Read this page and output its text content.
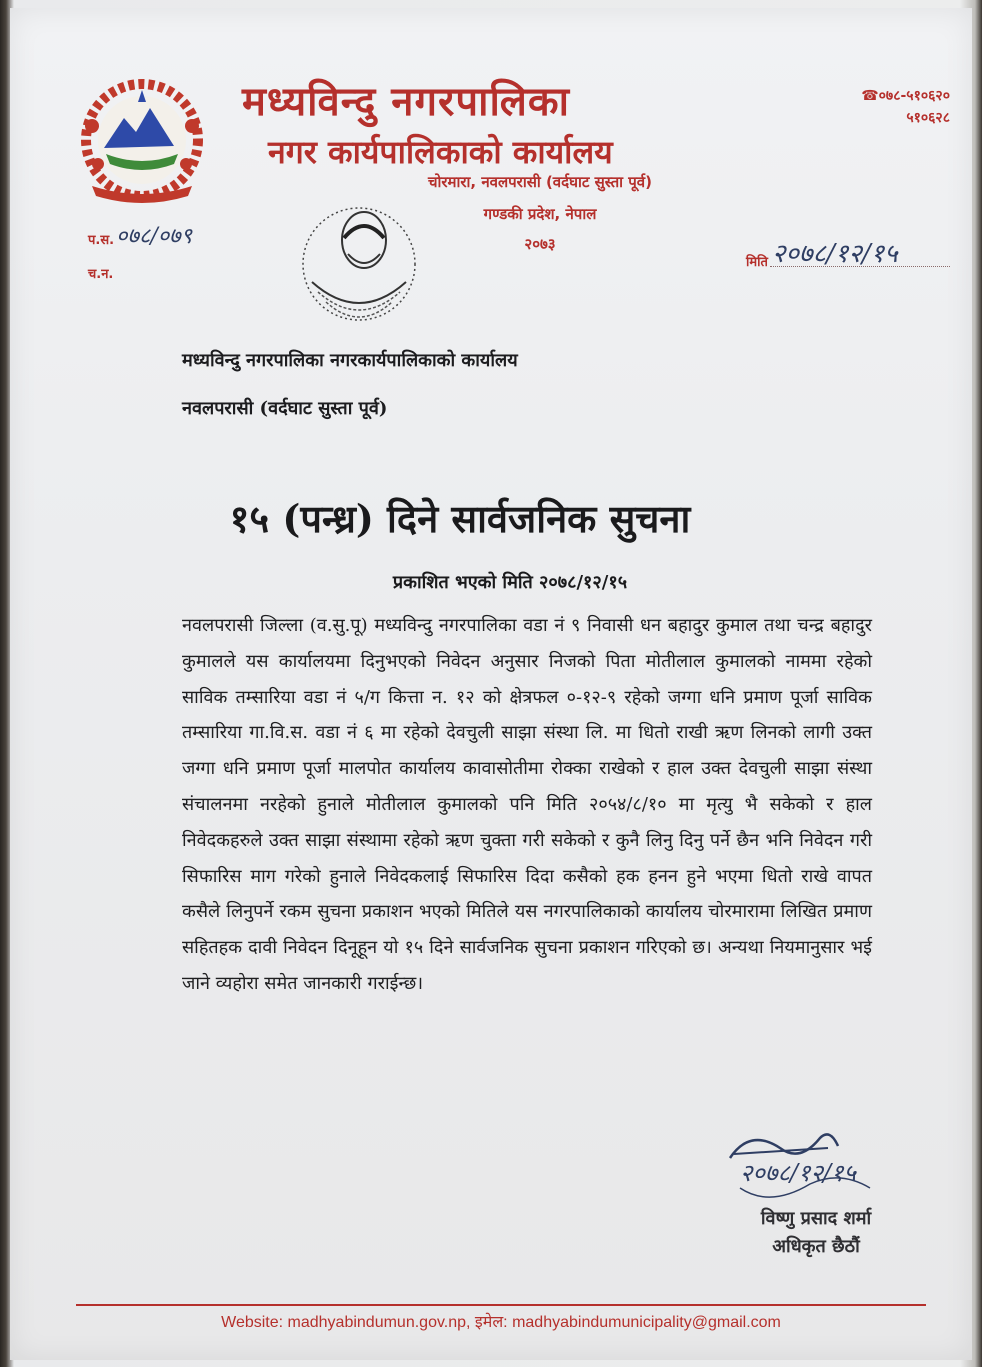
मध्यविन्दु नगरपालिका
नगर कार्यपालिकाको कार्यालय
चोरमारा, नवलपरासी (वर्दघाट सुस्ता पूर्व)
गण्डकी प्रदेश, नेपाल
२०७३
☎०७८-५१०६२०
५१०६२८
प.स. ०७८/०७९
च.न.
मिति २०७८/१२/१५
मध्यविन्दु नगरपालिका नगरकार्यपालिकाको कार्यालय
नवलपरासी (वर्दघाट सुस्ता पूर्व)
१५ (पन्ध्र) दिने सार्वजनिक सुचना
प्रकाशित भएको मिति २०७८/१२/१५
नवलपरासी जिल्ला (व.सु.पू) मध्यविन्दु नगरपालिका वडा नं ९ निवासी धन बहादुर कुमाल तथा चन्द्र बहादुर कुमालले यस कार्यालयमा दिनुभएको निवेदन अनुसार निजको पिता मोतीलाल कुमालको नाममा रहेको साविक तम्सारिया वडा नं ५/ग कित्ता न. १२ को क्षेत्रफल ०-१२-९ रहेको जग्गा धनि प्रमाण पूर्जा साविक तम्सारिया गा.वि.स. वडा नं ६ मा रहेको देवचुली साझा संस्था लि. मा धितो राखी ऋण लिनको लागी उक्त जग्गा धनि प्रमाण पूर्जा मालपोत कार्यालय कावासोतीमा रोक्का राखेको र हाल उक्त देवचुली साझा संस्था संचालनमा नरहेको हुनाले मोतीलाल कुमालको पनि मिति २०५४/८/१० मा मृत्यु भै सकेको र हाल निवेदकहरुले उक्त साझा संस्थामा रहेको ऋण चुक्ता गरी सकेको र कुनै लिनु दिनु पर्ने छैन भनि निवेदन गरी सिफारिस माग गरेको हुनाले निवेदकलाई सिफारिस दिदा कसैको हक हनन हुने भएमा धितो राखे वापत कसैले लिनुपर्ने रकम सुचना प्रकाशन भएको मितिले यस नगरपालिकाको कार्यालय चोरमारामा लिखित प्रमाण सहितहक दावी निवेदन दिनूहून यो १५ दिने सार्वजनिक सुचना प्रकाशन गरिएको छ। अन्यथा नियमानुसार भई जाने व्यहोरा समेत जानकारी गराईन्छ।
२०७८/१२/१५
विष्णु प्रसाद शर्मा
अधिकृत छैठौं
Website: madhyabindumun.gov.np, इमेल: madhyabindumunicipality@gmail.com
